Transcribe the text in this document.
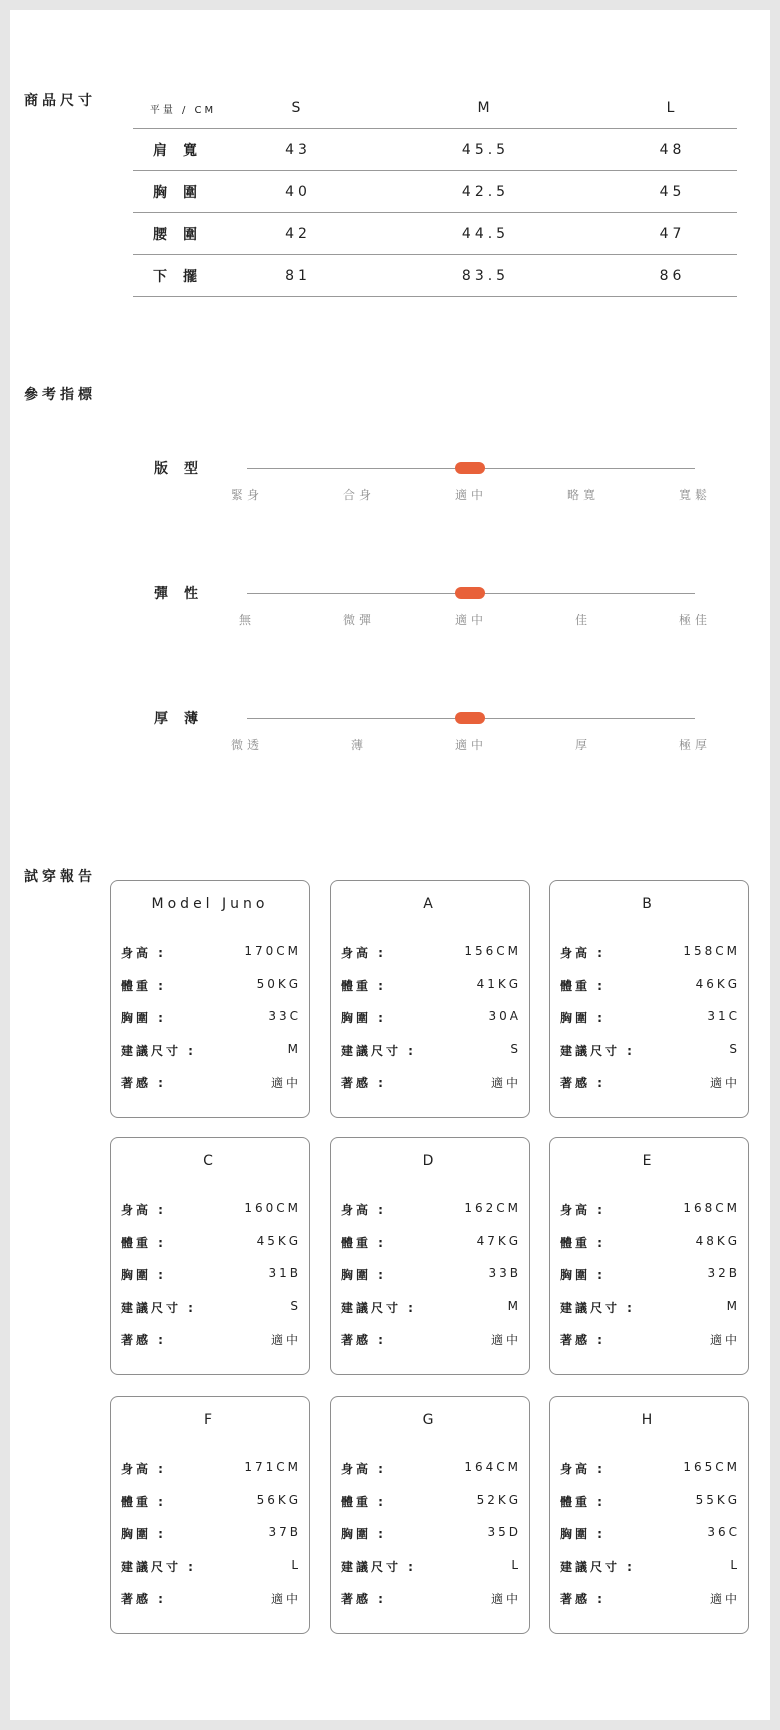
商品尺寸
平量 / CM	S	M	L
肩寬	43	45.5	48
胸圍	40	42.5	45
腰圍	42	44.5	47
下擺	81	83.5	86
參考指標
版型
緊身	合身	適中	略寬	寬鬆
彈性
無	微彈	適中	佳	極佳
厚薄
微透	薄	適中	厚	極厚
試穿報告
Model Juno
身高 :	170CM
體重 :	50KG
胸圍 :	33C
建議尺寸 :	M
著感 :	適中
A
身高 :	156CM
體重 :	41KG
胸圍 :	30A
建議尺寸 :	S
著感 :	適中
B
身高 :	158CM
體重 :	46KG
胸圍 :	31C
建議尺寸 :	S
著感 :	適中
C
身高 :	160CM
體重 :	45KG
胸圍 :	31B
建議尺寸 :	S
著感 :	適中
D
身高 :	162CM
體重 :	47KG
胸圍 :	33B
建議尺寸 :	M
著感 :	適中
E
身高 :	168CM
體重 :	48KG
胸圍 :	32B
建議尺寸 :	M
著感 :	適中
F
身高 :	171CM
體重 :	56KG
胸圍 :	37B
建議尺寸 :	L
著感 :	適中
G
身高 :	164CM
體重 :	52KG
胸圍 :	35D
建議尺寸 :	L
著感 :	適中
H
身高 :	165CM
體重 :	55KG
胸圍 :	36C
建議尺寸 :	L
著感 :	適中
